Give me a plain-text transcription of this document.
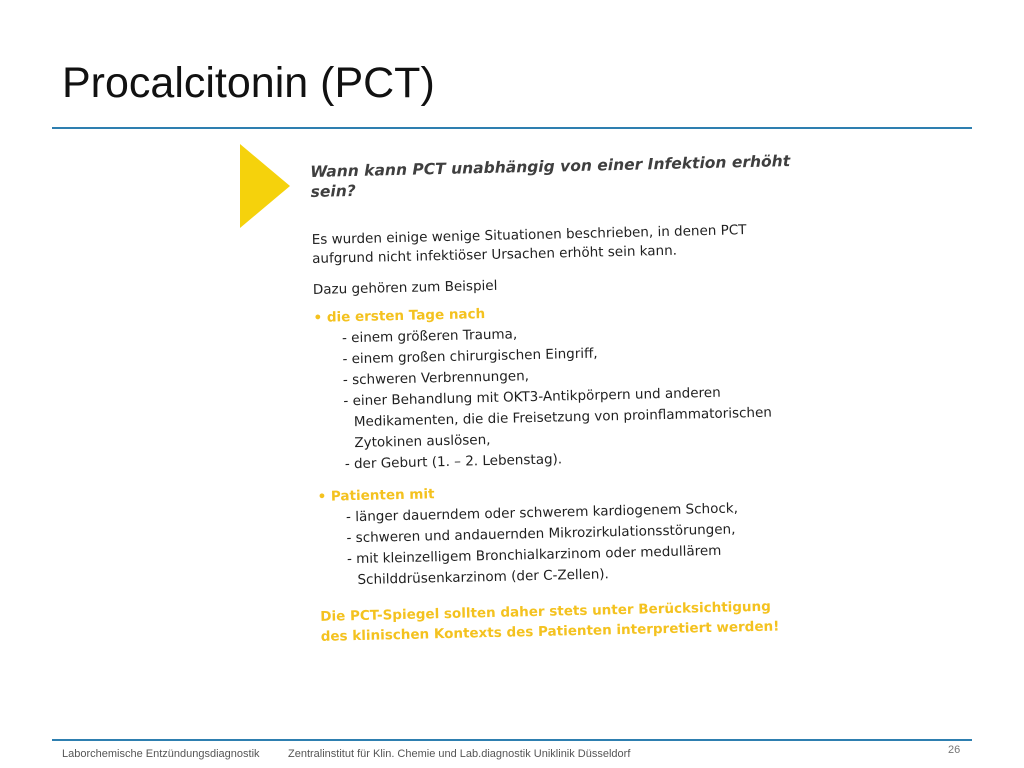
Procalcitonin (PCT)

Wann kann PCT unabhängig von einer Infektion erhöht sein?

Es wurden einige wenige Situationen beschrieben, in denen PCT aufgrund nicht infektiöser Ursachen erhöht sein kann.

Dazu gehören zum Beispiel

• die ersten Tage nach

- einem größeren Trauma,
- einem großen chirurgischen Eingriff,
- schweren Verbrennungen,
- einer Behandlung mit OKT3-Antikpörpern und anderen Medikamenten, die die Freisetzung von proinflammatorischen Zytokinen auslösen,
- der Geburt (1. – 2. Lebenstag).

• Patienten mit

- länger dauerndem oder schwerem kardiogenem Schock,
- schweren und andauernden Mikrozirkulationsstörungen,
- mit kleinzelligem Bronchialkarzinom oder medullärem Schilddrüsenkarzinom (der C-Zellen).

Die PCT-Spiegel sollten daher stets unter Berücksichtigung des klinischen Kontexts des Patienten interpretiert werden!

Laborchemische Entzündungsdiagnostik	Zentralinstitut für Klin. Chemie und Lab.diagnostik Uniklinik Düsseldorf	26
